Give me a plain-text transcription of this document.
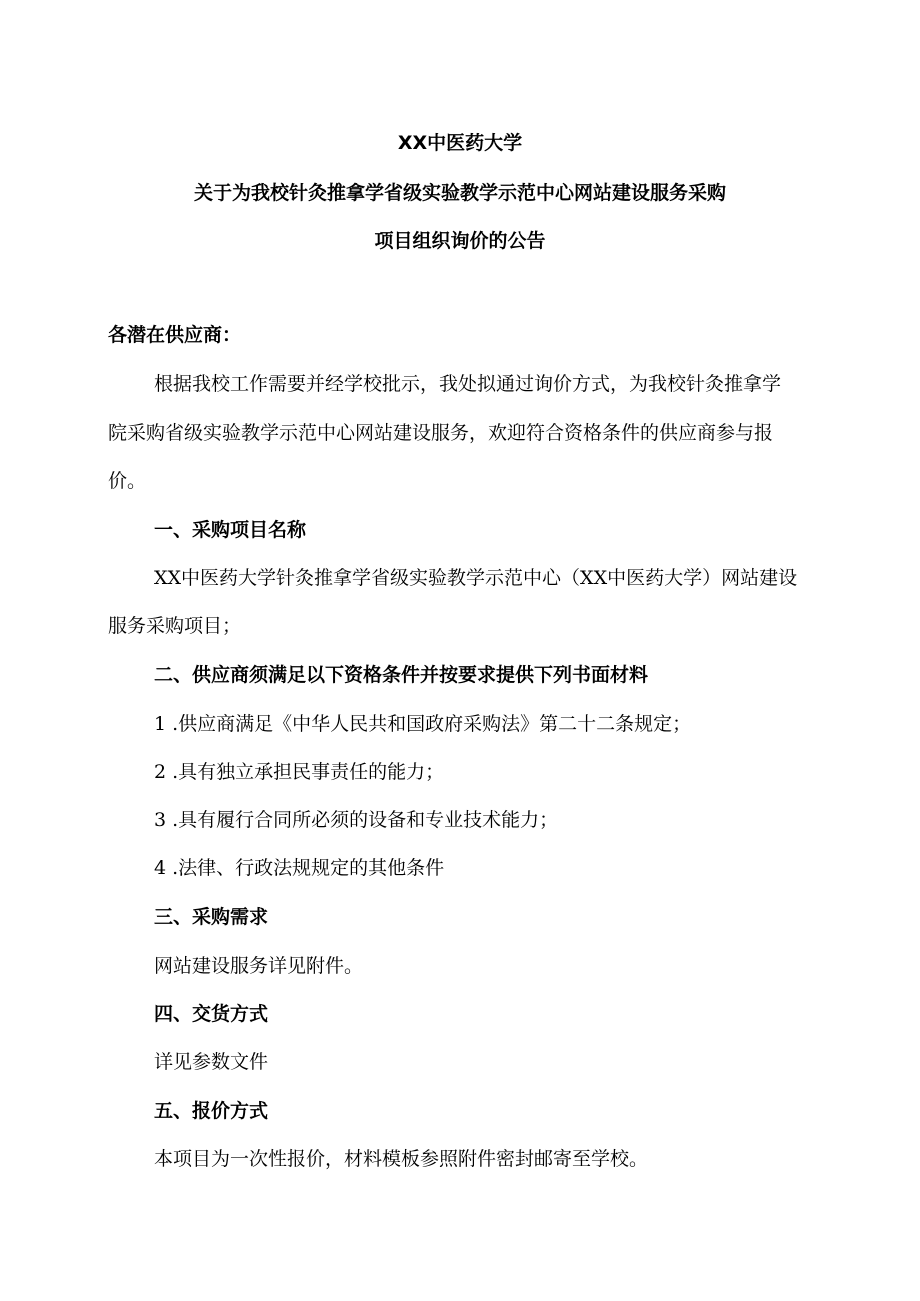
XX中医药大学
关于为我校针灸推拿学省级实验教学示范中心网站建设服务采购
项目组织询价的公告
各潜在供应商：
根据我校工作需要并经学校批示，我处拟通过询价方式，为我校针灸推拿学
院采购省级实验教学示范中心网站建设服务，欢迎符合资格条件的供应商参与报
价。
一、采购项目名称
XX中医药大学针灸推拿学省级实验教学示范中心（XX中医药大学）网站建设
服务采购项目；
二、供应商须满足以下资格条件并按要求提供下列书面材料
1 .供应商满足《中华人民共和国政府采购法》第二十二条规定；
2 .具有独立承担民事责任的能力；
3 .具有履行合同所必须的设备和专业技术能力；
4 .法律、行政法规规定的其他条件
三、采购需求
网站建设服务详见附件。
四、交货方式
详见参数文件
五、报价方式
本项目为一次性报价，材料模板参照附件密封邮寄至学校。
